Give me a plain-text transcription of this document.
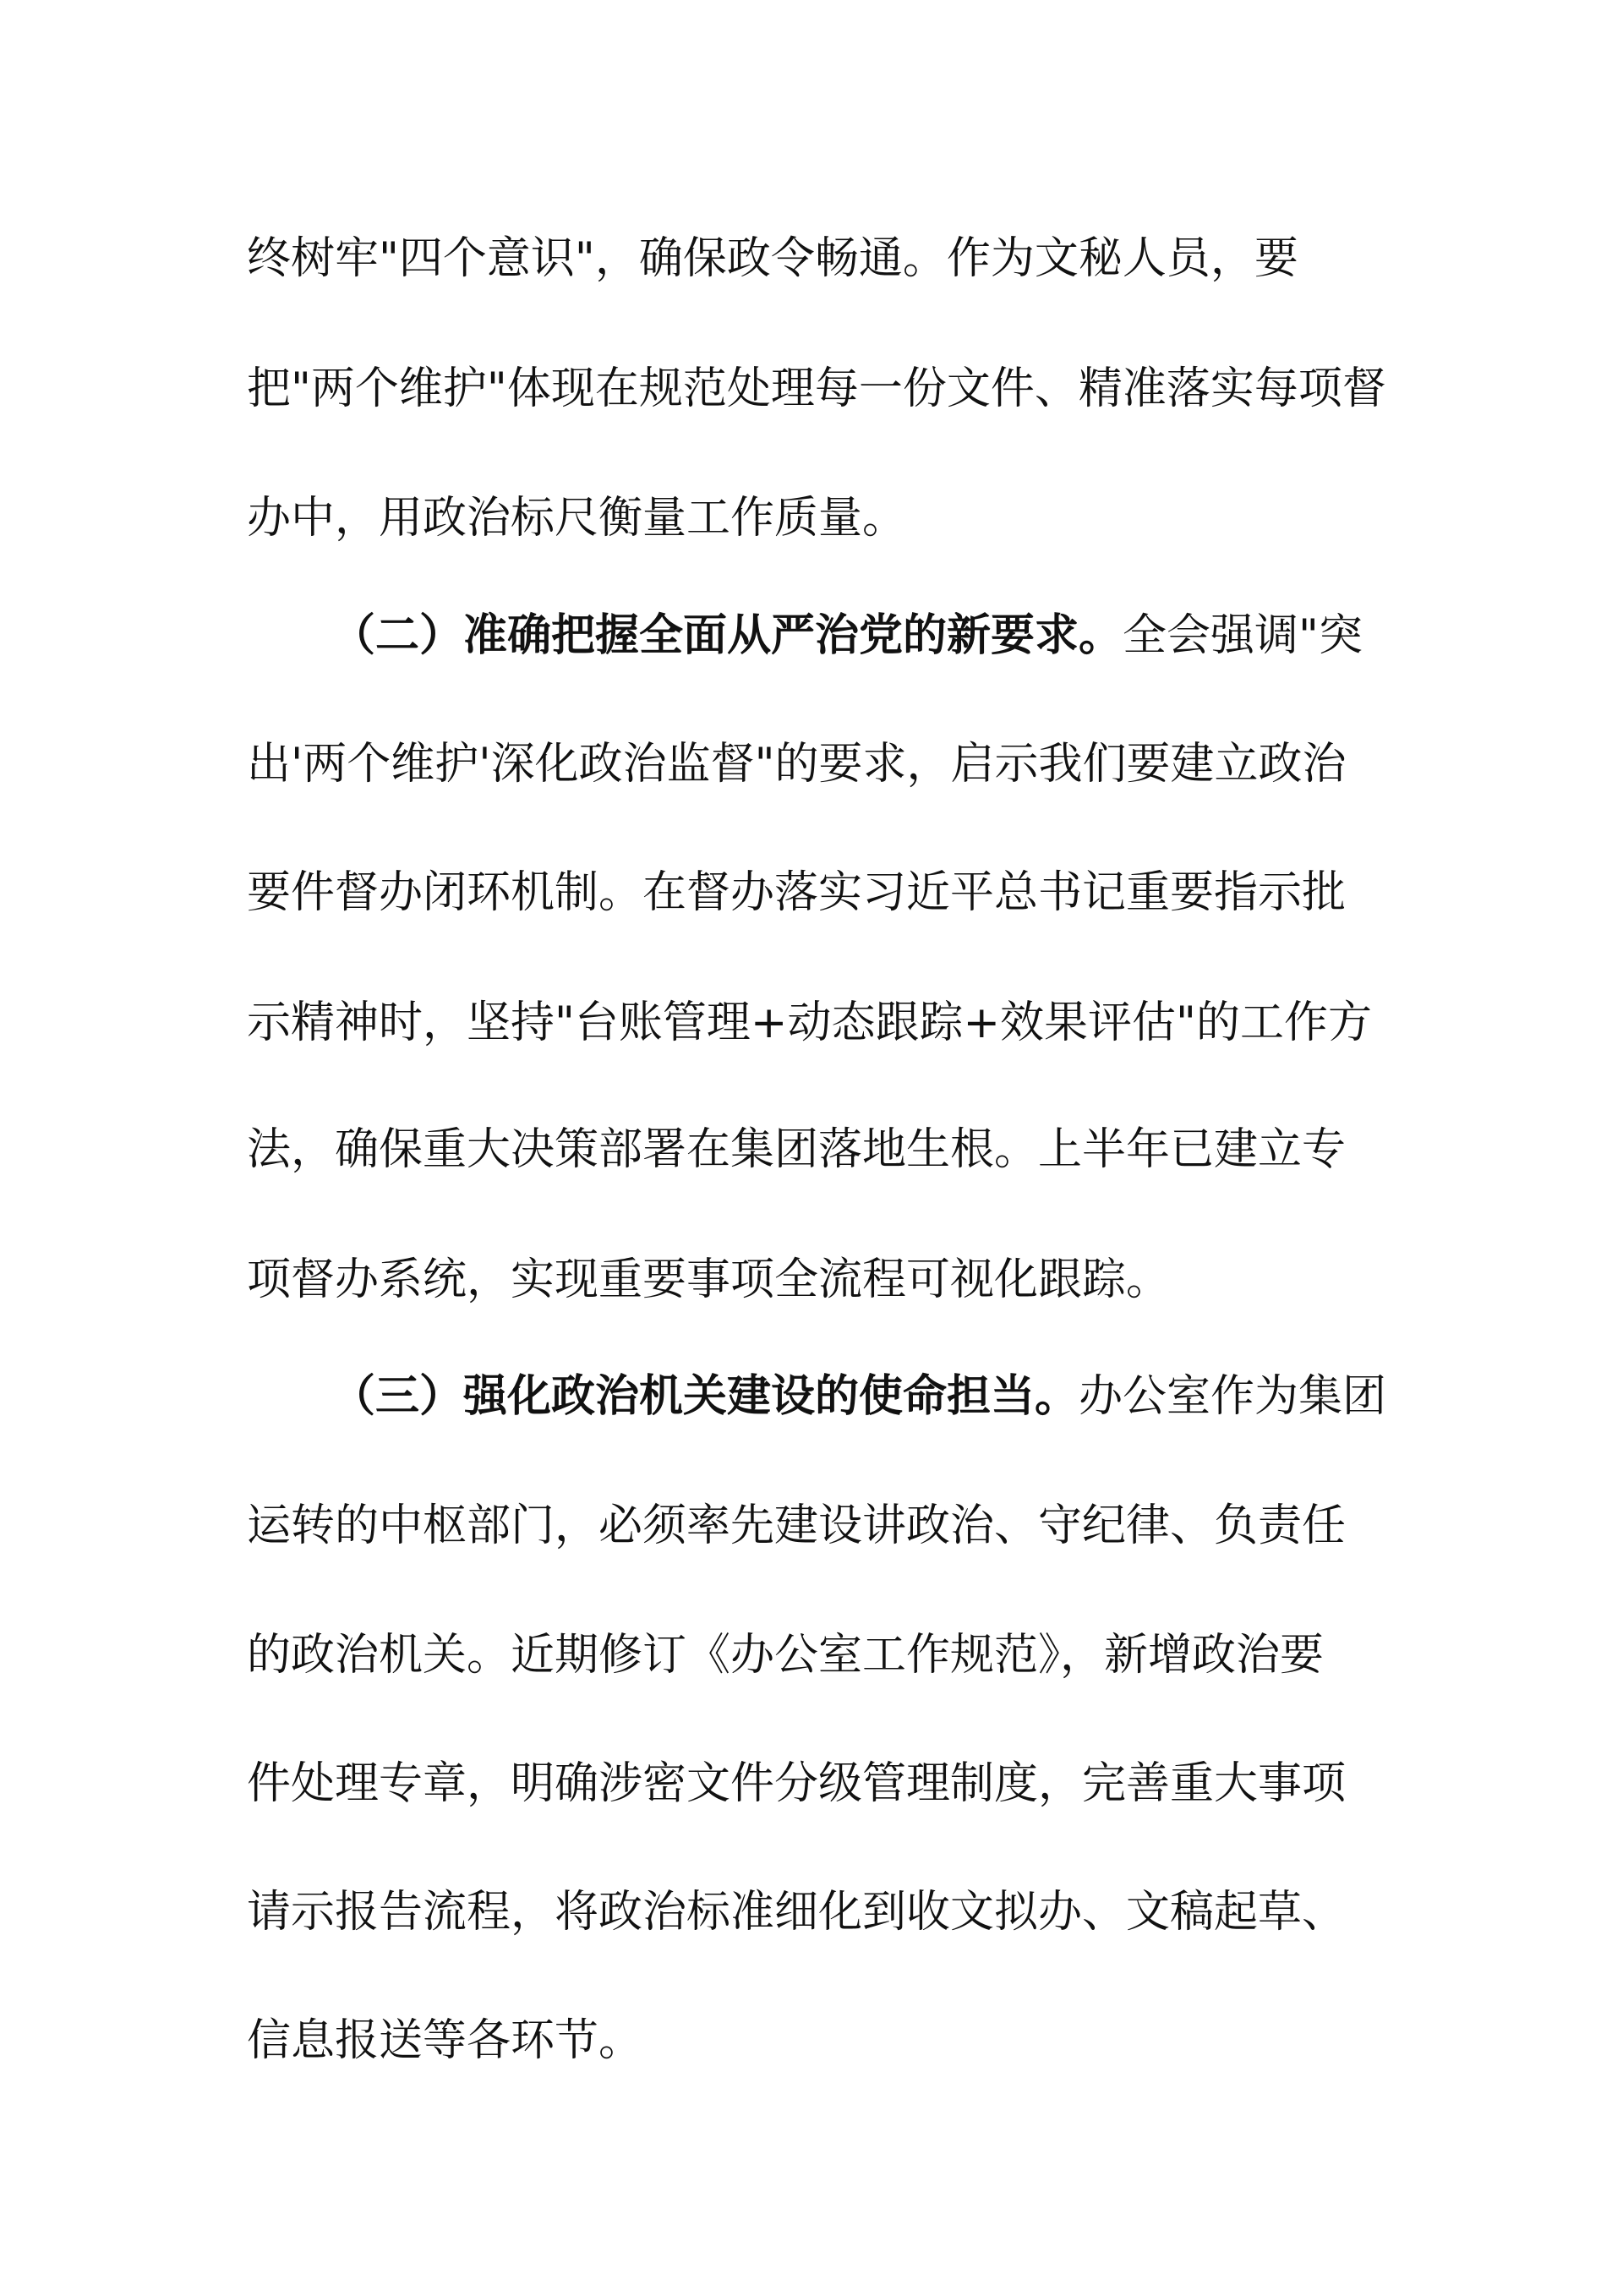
终树牢"四个意识"，确保政令畅通。作为文秘人员，要
把"两个维护"体现在规范处理每一份文件、精准落实每项督
办中，用政治标尺衡量工作质量。
（二）准确把握全面从严治党的新要求。全会强调"突
出'两个维护'深化政治监督"的要求，启示我们要建立政治
要件督办闭环机制。在督办落实习近平总书记重要指示批
示精神时，坚持"台账管理+动态跟踪+效果评估"的工作方
法，确保重大决策部署在集团落地生根。上半年已建立专
项督办系统，实现重要事项全流程可视化跟踪。
（三）强化政治机关建设的使命担当。办公室作为集团
运转的中枢部门，必须率先建设讲政治、守纪律、负责任
的政治机关。近期修订《办公室工作规范》，新增政治要
件处理专章，明确涉密文件分级管理制度，完善重大事项
请示报告流程，将政治标准细化到收文拟办、文稿起草、
信息报送等各环节。
